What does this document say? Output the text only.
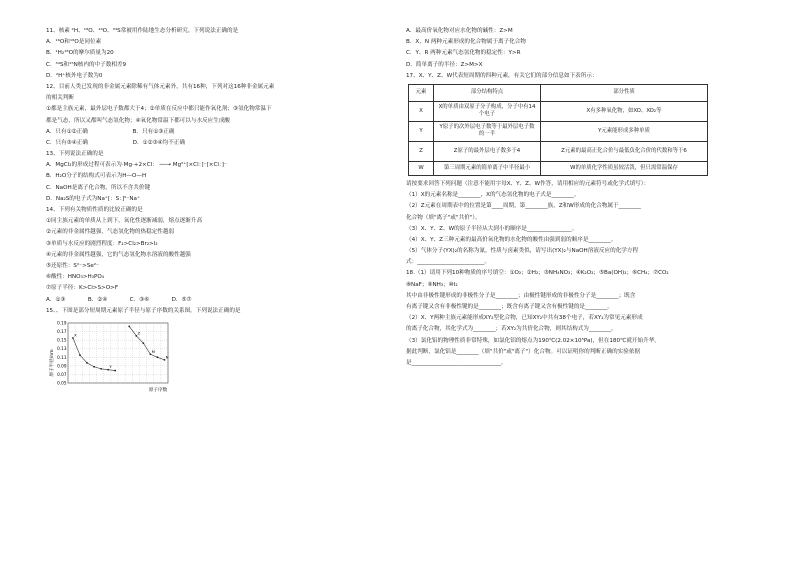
11、核素 ²H、¹⁸O、¹⁶O、³⁴S常被用作陆地生态分析研究。下列说法正确的是
A．¹⁶O和¹⁸O是同位素
B．¹H₂¹⁸O的摩尔质量为20
C．³⁴S和¹⁵N核内的中子数相差9
D．²H⁺核外电子数为0
12、目前人类已发现的非金属元素除稀有气体元素外，共有16种，下列对这16种非金属元素
的相关判断
①都是主族元素，最外层电子数都大于4；②单质在反应中都只能作氧化剂；③氢化物常温下
都是气态，所以又都叫气态氢化物；④氧化物常温下都可以与水反应生成酸
A．只有①②正确　　　　　　　　B．只有①③正确
C．只有③④正确　　　　　　　　D．①②③④均不正确
13、下列说法正确的是
A．MgCl₂的形成过程可表示为·Mg·+2×Cl： ──→ Mg²⁺[×Cl：]⁻[×Cl：]⁻
B．H₂O分子的结构式可表示为H—O—H
C．NaOH是离子化合物，所以不含共价键
D．Na₂S的电子式为Na⁺[：S：]²⁻Na⁺
14、下列有关物质性质的比较正确的是
①同主族元素的单质从上到下，氧化性逐渐减弱，熔点逐渐升高
②元素的非金属性越强，气态氢化物的热稳定性越弱
③单质与水反应的剧烈程度：F₂>Cl₂>Br₂>I₂
④元素的非金属性越强，它的气态氢化物水溶液的酸性越强
⑤还原性：S²⁻>Se²⁻
⑥酸性：HNO₃>H₃PO₄
⑦原子半径：K>Cl>S>O>F
A．①③　　　　B．②④　　　　C．③⑥　　　　D．⑤⑦
15、、下图是部分短周期元素原子半径与原子序数的关系图。下列说法正确的是
0.19
0.17
0.15
0.13
0.11
0.09
0.07
0.05
X
Y
Z
M
N
原子半径/nm
原子序数
A．最高价氧化物对应水化物的碱性：Z>M
B．X、N 两种元素形成的化合物属于离子化合物
C．Y、R 两种元素气态氢化物的稳定性：Y>R
D．简单离子的半径：Z>M>X
17、X、Y、Z、W代表短周期的四种元素，有关它们的部分信息如下表所示：
元素	部分结构特点	部分性质
X	X的单质由双原子分子构成，分子中有14个电子	X有多种氧化物，如XO、XO₂等
Y	Y原子的次外层电子数等于最外层电子数的一半	Y元素能形成多种单质
Z	Z原子的最外层电子数多于4	Z元素的最高正化合价与最低负化合价的代数和等于6
W	第三周期元素的简单离子中半径最小	W的单质化学性质虽较活泼，但只需常温保存
请按要求回答下列问题（注意不能用字母X、Y、Z、W作答，请用相应的元素符号或化学式填写）：
（1）X的元素名称是________，X的气态氢化物的电子式是________。
（2）Z元素在周期表中的位置是第____周期，第________族，Z和W形成的化合物属于________
化合物（填"离子"或"共价"）。
（3）X、Y、Z、W的原子半径从大到小的顺序是________________。
（4）X、Y、Z三种元素的最高价氧化物的水化物的酸性由强到弱的顺序是________。
（5）气体分子(YX)₂的名称为氰，性质与卤素类似，请写出(YX)₂与NaOH溶液反应的化学方程
式：________________________。
18.（1）请用下列10种物质的序号填空：①O₂；②H₂；③NH₄NO₃；④K₂O₂；⑤Ba(OH)₂；⑥CH₄；⑦CO₂
⑧NaF；⑨NH₃；⑩I₂
其中由非极性键形成的非极性分子是________；由极性键形成的非极性分子是________；既含
有离子键又含有非极性键的是________；既含有离子键又含有极性键的是________。
（2）X、Y两种主族元素能形成XY₂型化合物，已知XY₂中共有38个电子，若XY₂为常见元素形成
的离子化合物，其化学式为________；若XY₂为共价化合物，则其结构式为________。
（3）氯化铝的物理性质非常特殊，如氯化铝的熔点为190℃(2.02×10⁵Pa)，但在180℃就开始升华。
据此判断，氯化铝是________（填"共价"或"离子"）化合物。可以证明你的判断正确的实验依据
是________________________________。
